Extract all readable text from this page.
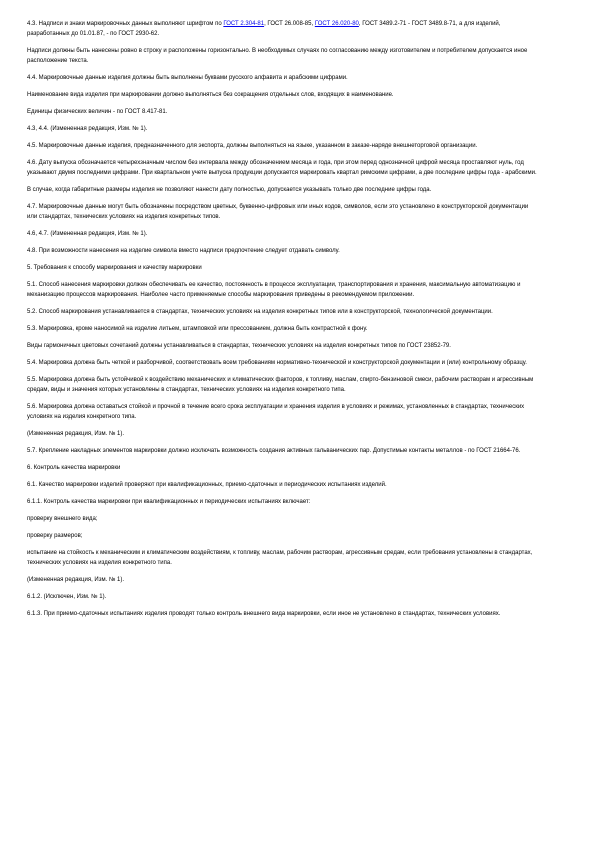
4.3. Надписи и знаки маркировочных данных выполняют шрифтом по ГОСТ 2.304-81, ГОСТ 26.008-85, ГОСТ 26.020-80, ГОСТ 3489.2-71 - ГОСТ 3489.8-71, а для изделий, разработанных до 01.01.87, - по ГОСТ 2930-62.

Надписи должны быть нанесены ровно в строку и расположены горизонтально. В необходимых случаях по согласованию между изготовителем и потребителем допускается иное расположение текста.

4.4. Маркировочные данные изделия должны быть выполнены буквами русского алфавита и арабскими цифрами.

Наименование вида изделия при маркировании должно выполняться без сокращения отдельных слов, входящих в наименование.

Единицы физических величин - по ГОСТ 8.417-81.

4.3, 4.4. (Измененная редакция, Изм. № 1).

4.5. Маркировочные данные изделия, предназначенного для экспорта, должны выполняться на языке, указанном в заказе-наряде внешнеторговой организации.

4.6. Дату выпуска обозначается четырехзначным числом без интервала между обозначением месяца и года, при этом перед однозначной цифрой месяца проставляют нуль, год указывают двумя последними цифрами. При квартальном учете выпуска продукции допускается маркировать квартал римскими цифрами, а две последние цифры года - арабскими.

В случае, когда габаритные размеры изделия не позволяют нанести дату полностью, допускается указывать только две последние цифры года.

4.7. Маркировочные данные могут быть обозначены посредством цветных, буквенно-цифровых или иных кодов, символов, если это установлено в конструкторской документации или стандартах, технических условиях на изделия конкретных типов.

4.6, 4.7. (Измененная редакция, Изм. № 1).

4.8. При возможности нанесения на изделие символа вместо надписи предпочтение следует отдавать символу.

5. Требования к способу маркирования и качеству маркировки

5.1. Способ нанесения маркировки должен обеспечивать ее качество, постоянность в процессе эксплуатации, транспортирования и хранения, максимальную автоматизацию и механизацию процессов маркирования. Наиболее часто применяемые способы маркирования приведены в рекомендуемом приложении.

5.2. Способ маркирования устанавливается в стандартах, технических условиях на изделия конкретных типов или в конструкторской, технологической документации.

5.3. Маркировка, кроме наносимой на изделие литьем, штамповкой или прессованием, должна быть контрастной к фону.

Виды гармоничных цветовых сочетаний должны устанавливаться в стандартах, технических условиях на изделия конкретных типов по ГОСТ 23852-79.

5.4. Маркировка должна быть четкой и разборчивой, соответствовать всем требованиям нормативно-технической и конструкторской документации и (или) контрольному образцу.

5.5. Маркировка должна быть устойчивой к воздействию механических и климатических факторов, к топливу, маслам, спирто-бензиновой смеси, рабочим растворам и агрессивным средам, виды и значения которых установлены в стандартах, технических условиях на изделия конкретного типа.

5.6. Маркировка должна оставаться стойкой и прочной в течение всего срока эксплуатации и хранения изделия в условиях и режимах, установленных в стандартах, технических условиях на изделия конкретного типа.

(Измененная редакция, Изм. № 1).

5.7. Крепление накладных элементов маркировки должно исключать возможность создания активных гальванических пар. Допустимые контакты металлов - по ГОСТ 21664-76.

6. Контроль качества маркировки

6.1. Качество маркировки изделий проверяют при квалификационных, приемо-сдаточных и периодических испытаниях изделий.

6.1.1. Контроль качества маркировки при квалификационных и периодических испытаниях включает:

проверку внешнего вида;

проверку размеров;

испытание на стойкость к механическим и климатическим воздействиям, к топливу, маслам, рабочим растворам, агрессивным средам, если требования установлены в стандартах, технических условиях на изделия конкретного типа.

(Измененная редакция, Изм. № 1).

6.1.2. (Исключен, Изм. № 1).

6.1.3. При приемо-сдаточных испытаниях изделия проводят только контроль внешнего вида маркировки, если иное не установлено в стандартах, технических условиях.
